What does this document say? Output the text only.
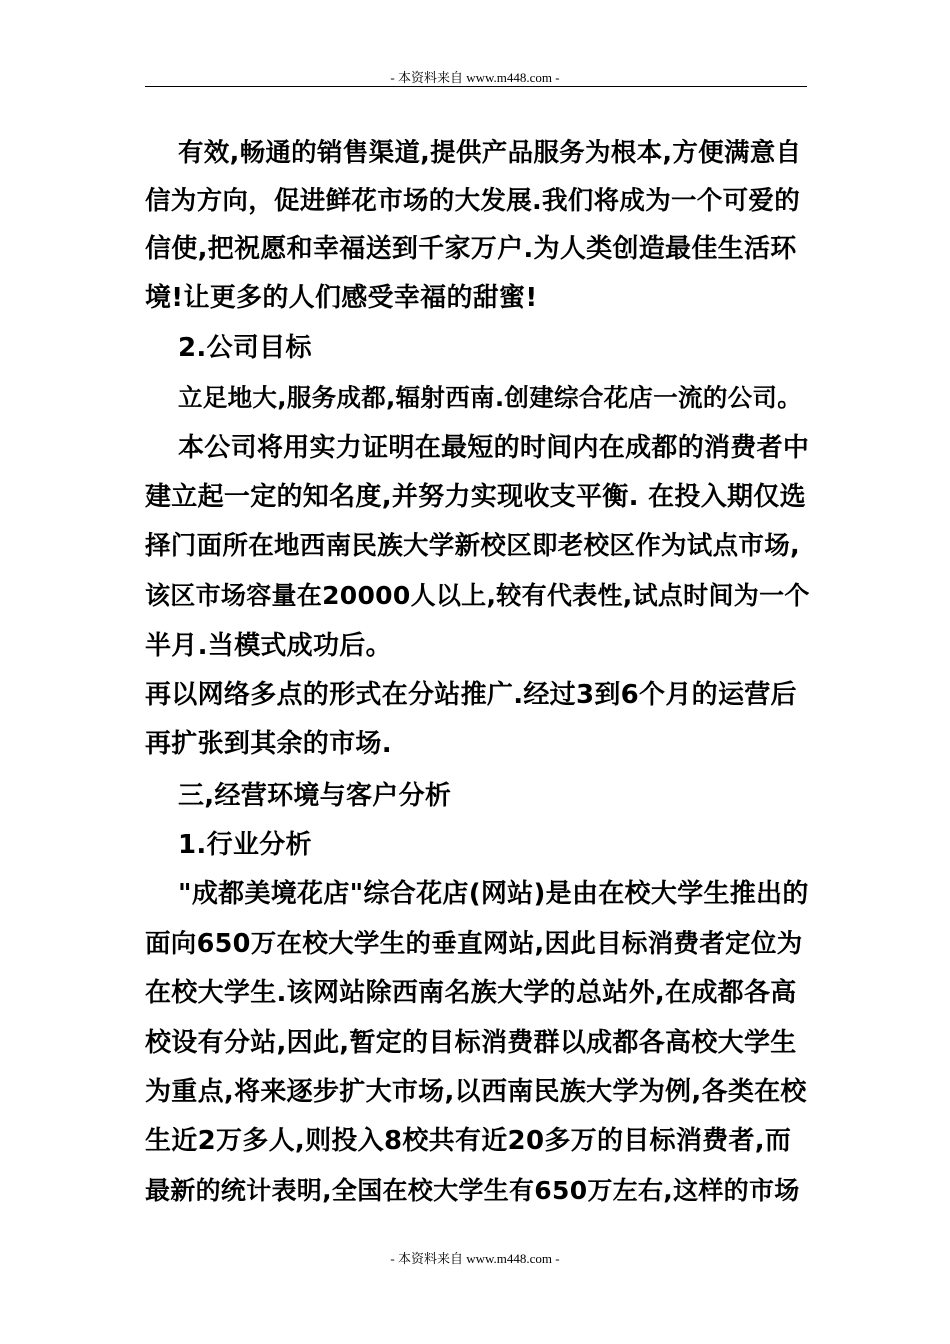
- 本资料来自 www.m448.com -
有效,畅通的销售渠道,提供产品服务为根本,方便满意自
信为方向，促进鲜花市场的大发展.我们将成为一个可爱的
信使,把祝愿和幸福送到千家万户.为人类创造最佳生活环
境!让更多的人们感受幸福的甜蜜!
2.公司目标
立足地大,服务成都,辐射西南.创建综合花店一流的公司。
本公司将用实力证明在最短的时间内在成都的消费者中
建立起一定的知名度,并努力实现收支平衡. 在投入期仅选
择门面所在地西南民族大学新校区即老校区作为试点市场,
该区市场容量在20000人以上,较有代表性,试点时间为一个
半月.当模式成功后。
再以网络多点的形式在分站推广.经过3到6个月的运营后
再扩张到其余的市场.
三,经营环境与客户分析
1.行业分析
"成都美境花店"综合花店(网站)是由在校大学生推出的
面向650万在校大学生的垂直网站,因此目标消费者定位为
在校大学生.该网站除西南名族大学的总站外,在成都各高
校设有分站,因此,暂定的目标消费群以成都各高校大学生
为重点,将来逐步扩大市场,以西南民族大学为例,各类在校
生近2万多人,则投入8校共有近20多万的目标消费者,而
最新的统计表明,全国在校大学生有650万左右,这样的市场
- 本资料来自 www.m448.com -
